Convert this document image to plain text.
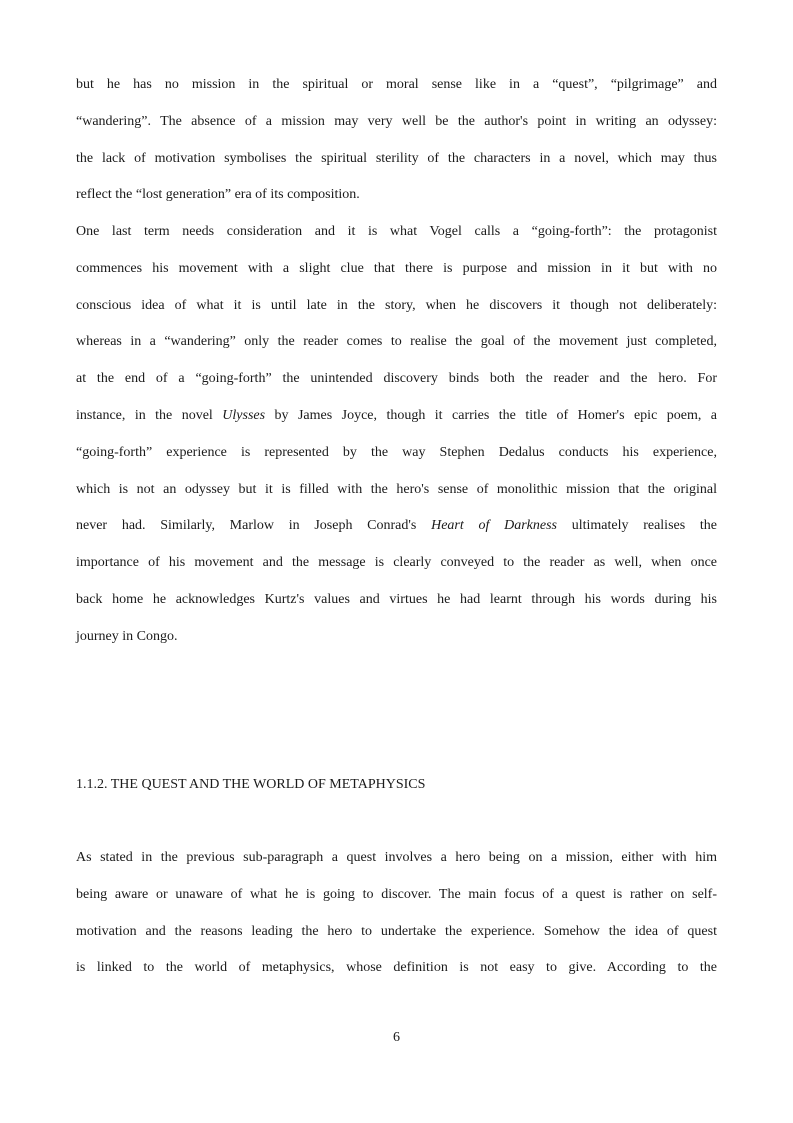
but he has no mission in the spiritual or moral sense like in a “quest”, “pilgrimage” and
“wandering”. The absence of a mission may very well be the author's point in writing an odyssey:
the lack of motivation symbolises the spiritual sterility of the characters in a novel, which may thus
reflect the “lost generation” era of its composition.

One last term needs consideration and it is what Vogel calls a “going-forth”: the protagonist
commences his movement with a slight clue that there is purpose and mission in it but with no
conscious idea of what it is until late in the story, when he discovers it though not deliberately:
whereas in a “wandering” only the reader comes to realise the goal of the movement just completed,
at the end of a “going-forth” the unintended discovery binds both the reader and the hero. For
instance, in the novel Ulysses by James Joyce, though it carries the title of Homer's epic poem, a
“going-forth” experience is represented by the way Stephen Dedalus conducts his experience,
which is not an odyssey but it is filled with the hero's sense of monolithic mission that the original
never had. Similarly, Marlow in Joseph Conrad's Heart of Darkness ultimately realises the
importance of his movement and the message is clearly conveyed to the reader as well, when once
back home he acknowledges Kurtz's values and virtues he had learnt through his words during his
journey in Congo.

1.1.2. THE QUEST AND THE WORLD OF METAPHYSICS

As stated in the previous sub-paragraph a quest involves a hero being on a mission, either with him
being aware or unaware of what he is going to discover. The main focus of a quest is rather on self-
motivation and the reasons leading the hero to undertake the experience. Somehow the idea of quest
is linked to the world of metaphysics, whose definition is not easy to give. According to the

6
